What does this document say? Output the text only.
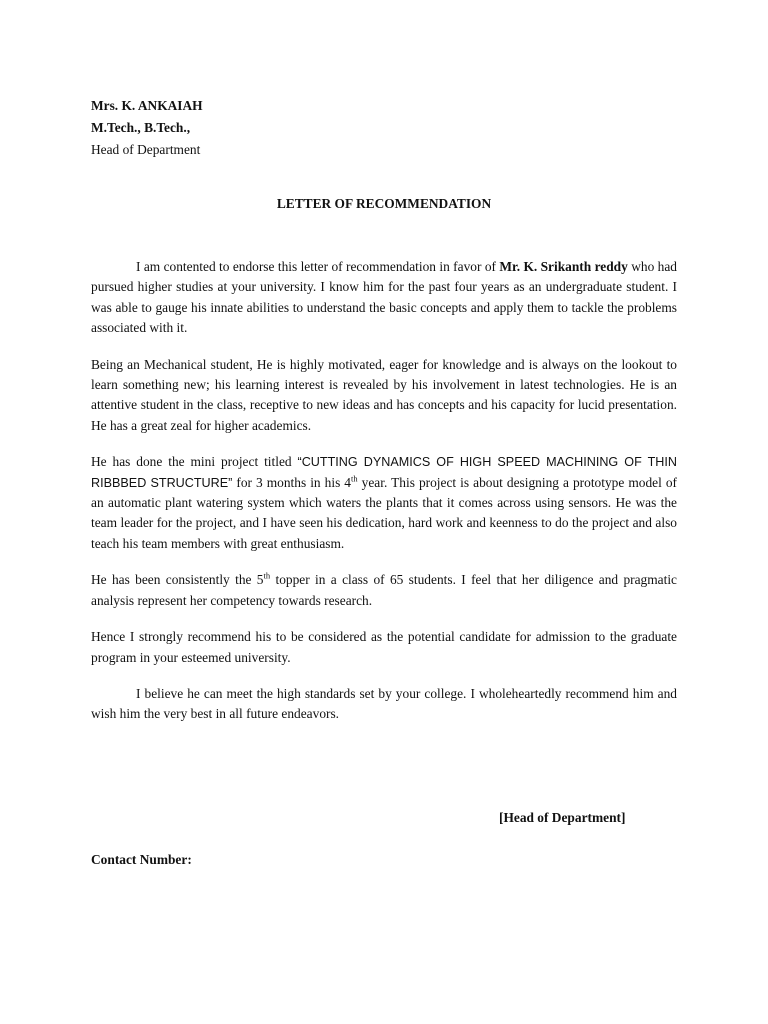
Mrs. K. ANKAIAH
M.Tech., B.Tech.,
Head of Department
LETTER OF RECOMMENDATION

I am contented to endorse this letter of recommendation in favor of Mr. K. Srikanth reddy who had pursued higher studies at your university. I know him for the past four years as an undergraduate student. I was able to gauge his innate abilities to understand the basic concepts and apply them to tackle the problems associated with it.

Being an Mechanical student, He is highly motivated, eager for knowledge and is always on the lookout to learn something new; his learning interest is revealed by his involvement in latest technologies. He is an attentive student in the class, receptive to new ideas and has concepts and his capacity for lucid presentation. He has a great zeal for higher academics.

He has done the mini project titled “CUTTING DYNAMICS OF HIGH SPEED MACHINING OF THIN RIBBBED STRUCTURE” for 3 months in his 4th year. This project is about designing a prototype model of an automatic plant watering system which waters the plants that it comes across using sensors. He was the team leader for the project, and I have seen his dedication, hard work and keenness to do the project and also teach his team members with great enthusiasm.

He has been consistently the 5th topper in a class of 65 students. I feel that her diligence and pragmatic analysis represent her competency towards research.

Hence I strongly recommend his to be considered as the potential candidate for admission to the graduate program in your esteemed university.

I believe he can meet the high standards set by your college. I wholeheartedly recommend him and wish him the very best in all future endeavors.

[Head of Department]
Contact Number:
